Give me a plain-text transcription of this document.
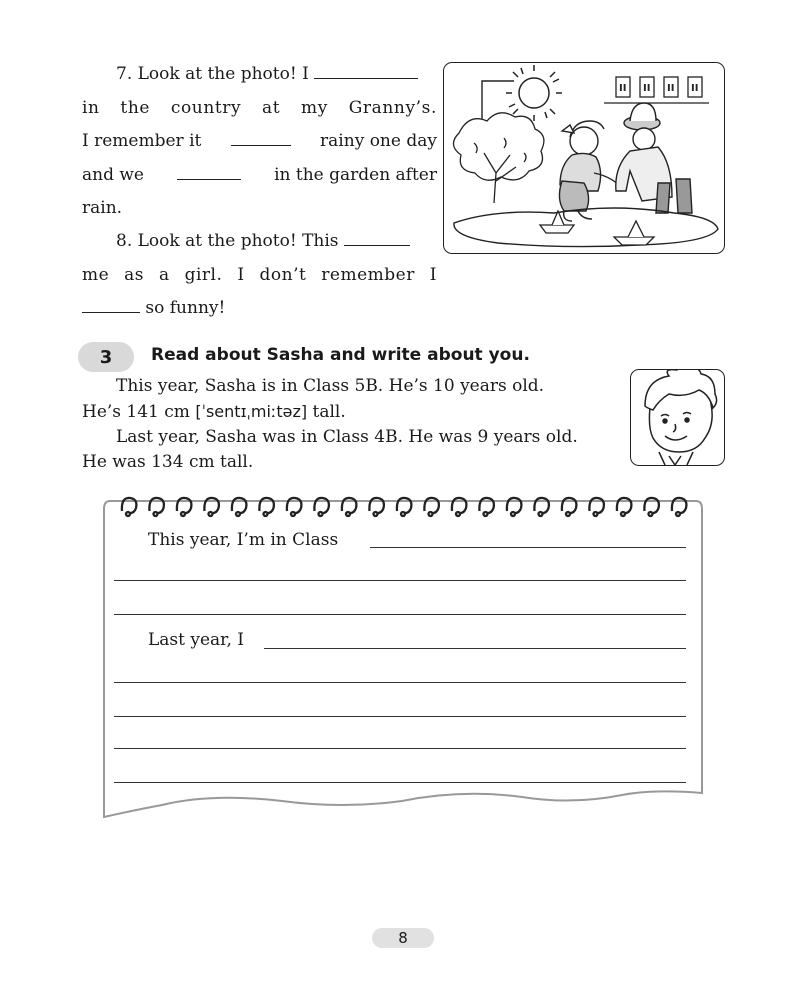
7. Look at the photo! I
in the country at my Granny’s.
I remember it	rainy one day
and we	in the garden after
rain.
8. Look at the photo! This
me as a girl. I don’t remember I
so funny!
II II II II
3 Read about Sasha and write about you.
This year, Sasha is in Class 5B. He’s 10 years old.
He’s 141 cm [ˈsentɪˌmiːtəz] tall.
Last year, Sasha was in Class 4B. He was 9 years old.
He was 134 cm tall.
This year, I’m in Class
Last year, I
8
